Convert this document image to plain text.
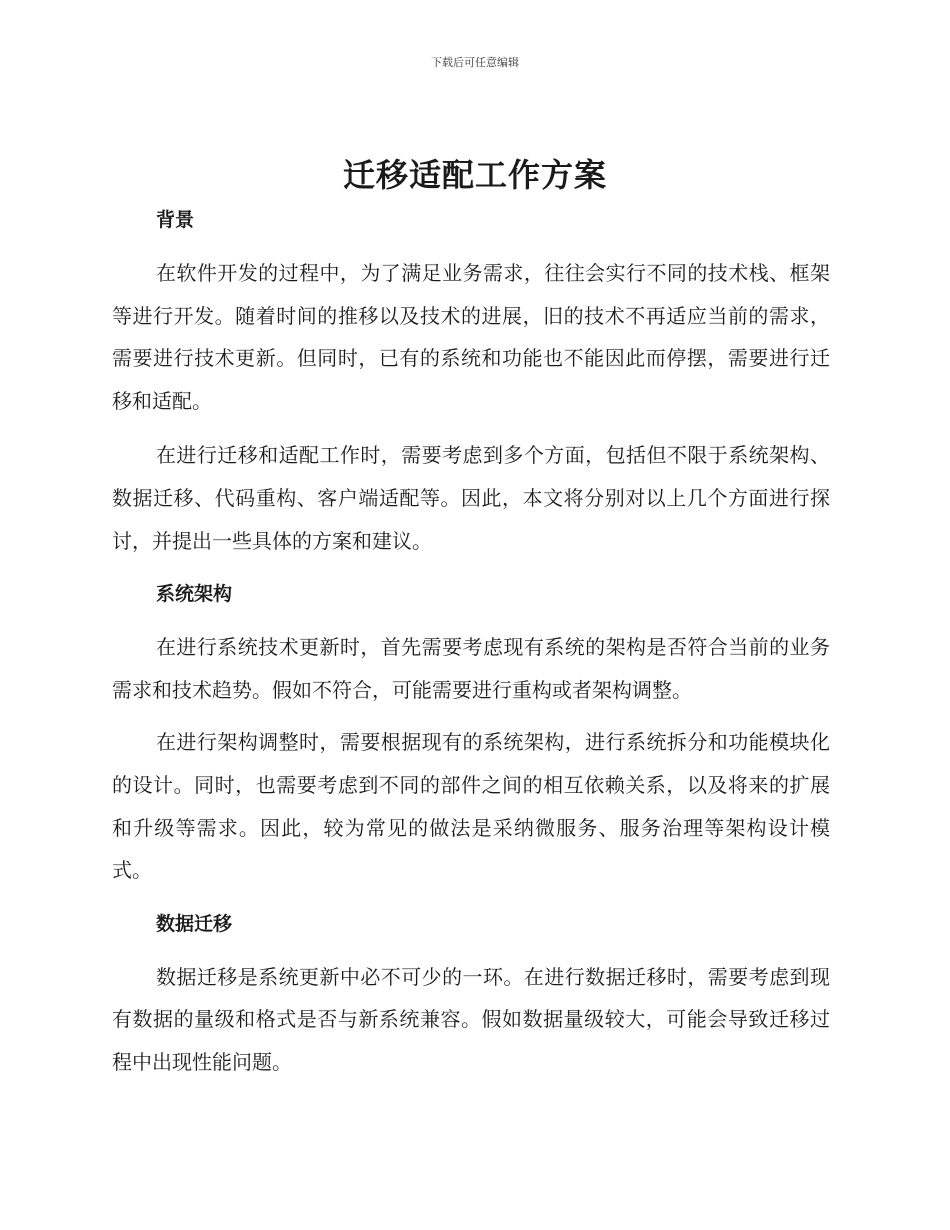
下载后可任意编辑
迁移适配工作方案
背景

在软件开发的过程中，为了满足业务需求，往往会实行不同的技术栈、框架等进行开发。随着时间的推移以及技术的进展，旧的技术不再适应当前的需求，需要进行技术更新。但同时，已有的系统和功能也不能因此而停摆，需要进行迁移和适配。

在进行迁移和适配工作时，需要考虑到多个方面，包括但不限于系统架构、数据迁移、代码重构、客户端适配等。因此，本文将分别对以上几个方面进行探讨，并提出一些具体的方案和建议。

系统架构

在进行系统技术更新时，首先需要考虑现有系统的架构是否符合当前的业务需求和技术趋势。假如不符合，可能需要进行重构或者架构调整。

在进行架构调整时，需要根据现有的系统架构，进行系统拆分和功能模块化的设计。同时，也需要考虑到不同的部件之间的相互依赖关系，以及将来的扩展和升级等需求。因此，较为常见的做法是采纳微服务、服务治理等架构设计模式。

数据迁移

数据迁移是系统更新中必不可少的一环。在进行数据迁移时，需要考虑到现有数据的量级和格式是否与新系统兼容。假如数据量级较大，可能会导致迁移过程中出现性能问题。
